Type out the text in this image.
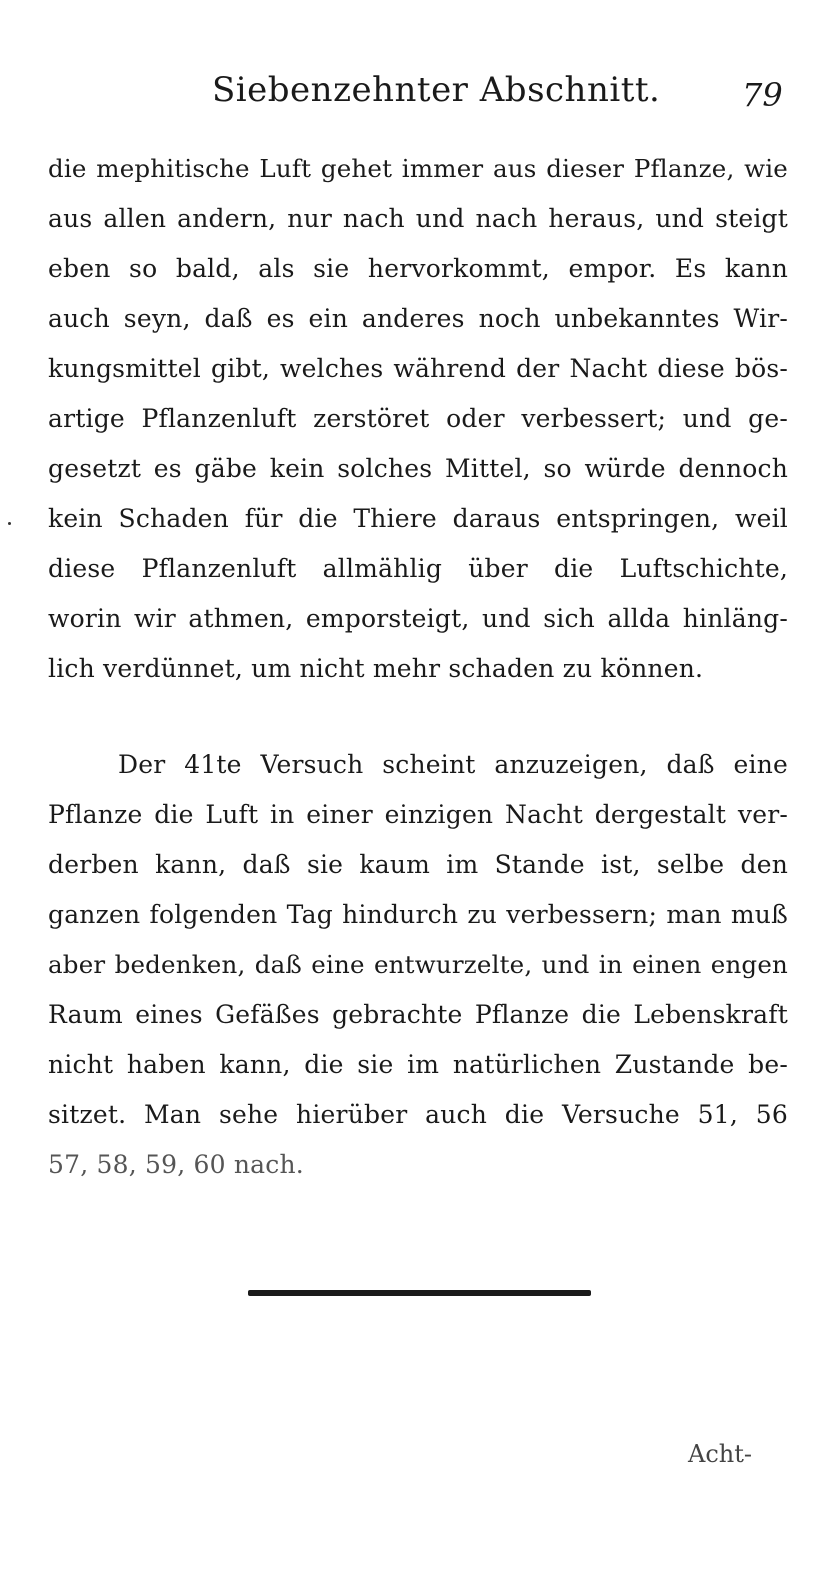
Siebenzehnter Abschnitt.	79
die mephitische Luft gehet immer aus dieser Pflanze, wie
aus allen andern, nur nach und nach heraus, und steigt
eben so bald, als sie hervorkommt, empor. Es kann
auch seyn, daß es ein anderes noch unbekanntes Wir-
kungsmittel gibt, welches während der Nacht diese bös-
artige Pflanzenluft zerstöret oder verbessert; und ge-
gesetzt es gäbe kein solches Mittel, so würde dennoch
kein Schaden für die Thiere daraus entspringen, weil
diese Pflanzenluft allmählig über die Luftschichte,
worin wir athmen, emporsteigt, und sich allda hinläng-
lich verdünnet, um nicht mehr schaden zu können.
Der 41te Versuch scheint anzuzeigen, daß eine
Pflanze die Luft in einer einzigen Nacht dergestalt ver-
derben kann, daß sie kaum im Stande ist, selbe den
ganzen folgenden Tag hindurch zu verbessern; man muß
aber bedenken, daß eine entwurzelte, und in einen engen
Raum eines Gefäßes gebrachte Pflanze die Lebenskraft
nicht haben kann, die sie im natürlichen Zustande be-
sitzet. Man sehe hierüber auch die Versuche 51, 56
57, 58, 59, 60 nach.
Acht-
